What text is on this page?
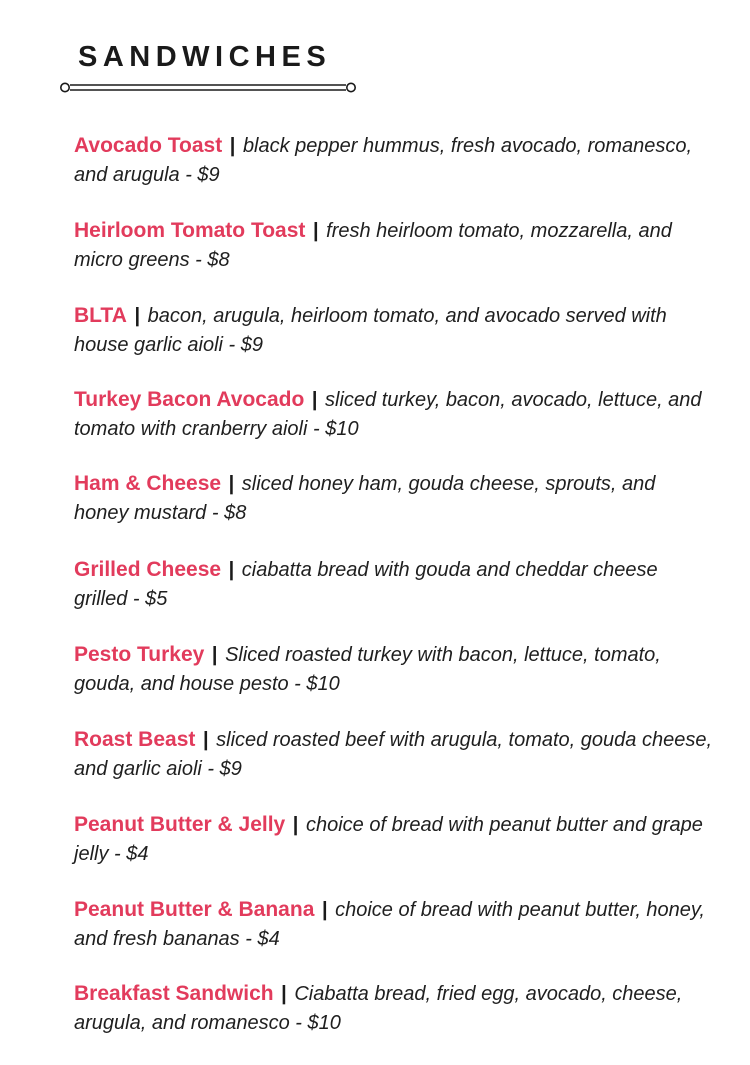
SANDWICHES

Avocado Toast | black pepper hummus, fresh avocado, romanesco, and arugula - $9

Heirloom Tomato Toast | fresh heirloom tomato, mozzarella, and micro greens - $8

BLTA | bacon, arugula, heirloom tomato, and avocado served with house garlic aioli - $9

Turkey Bacon Avocado | sliced turkey, bacon, avocado, lettuce, and tomato with cranberry aioli - $10

Ham & Cheese | sliced honey ham, gouda cheese, sprouts, and honey mustard - $8

Grilled Cheese | ciabatta bread with gouda and cheddar cheese grilled - $5

Pesto Turkey | Sliced roasted turkey with bacon, lettuce, tomato, gouda, and house pesto - $10

Roast Beast | sliced roasted beef with arugula, tomato, gouda cheese, and garlic aioli - $9

Peanut Butter & Jelly | choice of bread with peanut butter and grape jelly - $4

Peanut Butter & Banana | choice of bread with peanut butter, honey, and fresh bananas - $4

Breakfast Sandwich | Ciabatta bread, fried egg, avocado, cheese, arugula, and romanesco - $10
